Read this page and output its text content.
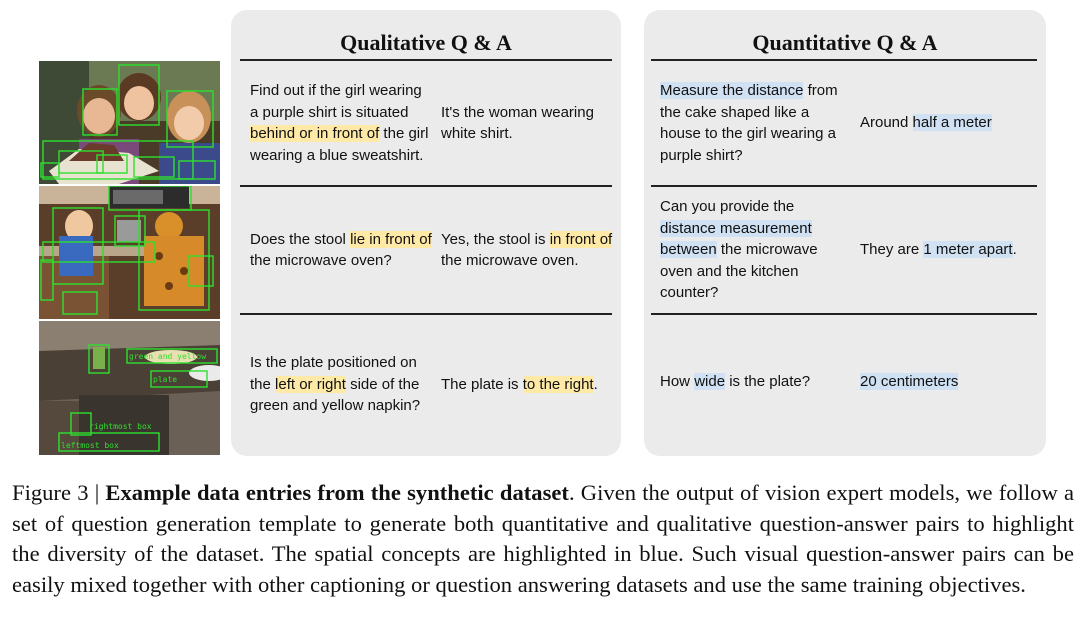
green and yellow
plate
rightmost box
leftmost box
Qualitative Q & A

Find out if the girl wearing a purple shirt is situated behind or in front of the girl wearing a blue sweatshirt.

It's the woman wearing white shirt.

Does the stool lie in front of the microwave oven?

Yes, the stool is in front of the microwave oven.

Is the plate positioned on the left or right side of the green and yellow napkin?

The plate is to the right.

Quantitative Q & A

Measure the distance from the cake shaped like a house to the girl wearing a purple shirt?

Around half a meter

Can you provide the distance measurement between the microwave oven and the kitchen counter?

They are 1 meter apart.

How wide is the plate?	20 centimeters

Figure 3 | Example data entries from the synthetic dataset. Given the output of vision expert models, we follow a set of question generation template to generate both quantitative and qualitative question-answer pairs to highlight the diversity of the dataset. The spatial concepts are highlighted in blue. Such visual question-answer pairs can be easily mixed together with other captioning or question answering datasets and use the same training objectives.
